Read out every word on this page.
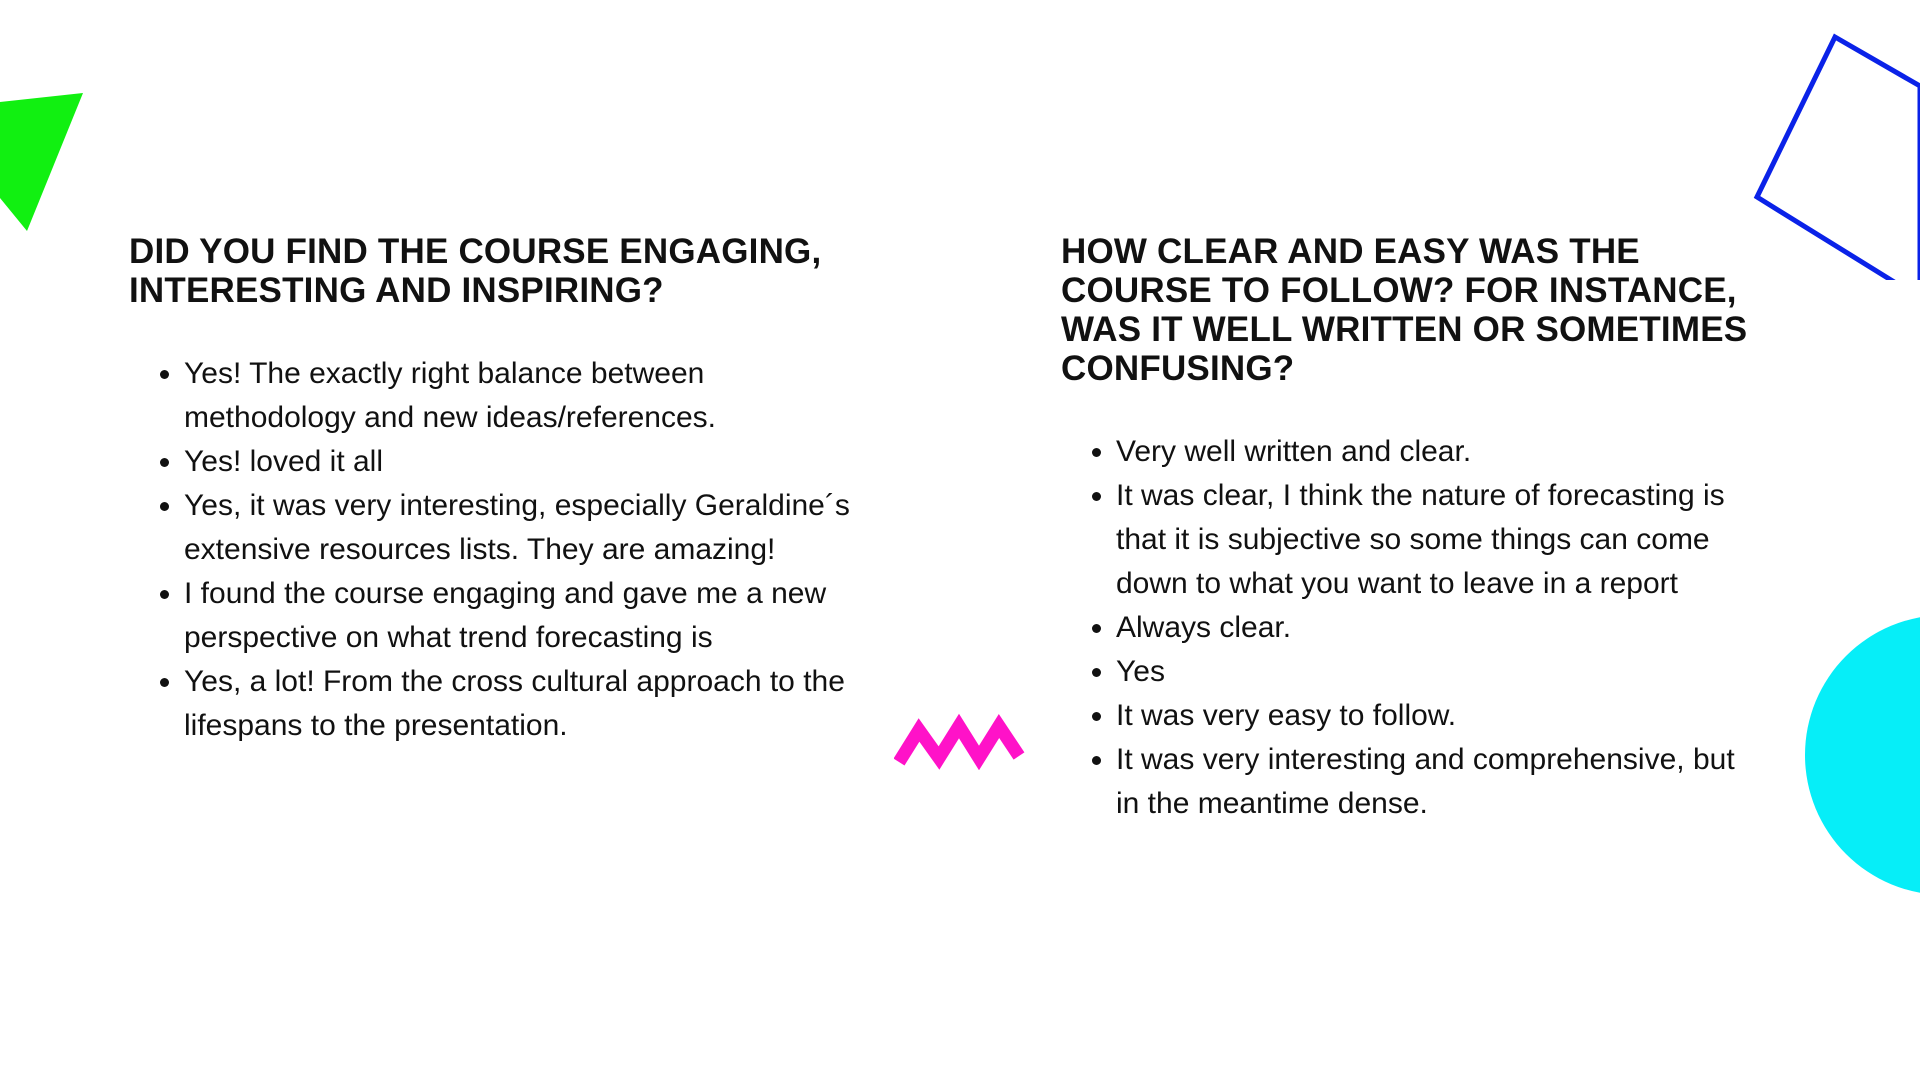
DID YOU FIND THE COURSE ENGAGING, INTERESTING AND INSPIRING?
• Yes! The exactly right balance between methodology and new ideas/references.
• Yes! loved it all
• Yes, it was very interesting, especially Geraldine´s extensive resources lists. They are amazing!
• I found the course engaging and gave me a new perspective on what trend forecasting is
• Yes, a lot! From the cross cultural approach to the lifespans to the presentation.
HOW CLEAR AND EASY WAS THE COURSE TO FOLLOW? FOR INSTANCE, WAS IT WELL WRITTEN OR SOMETIMES CONFUSING?
• Very well written and clear.
• It was clear, I think the nature of forecasting is that it is subjective so some things can come down to what you want to leave in a report
• Always clear.
• Yes
• It was very easy to follow.
• It was very interesting and comprehensive, but in the meantime dense.
